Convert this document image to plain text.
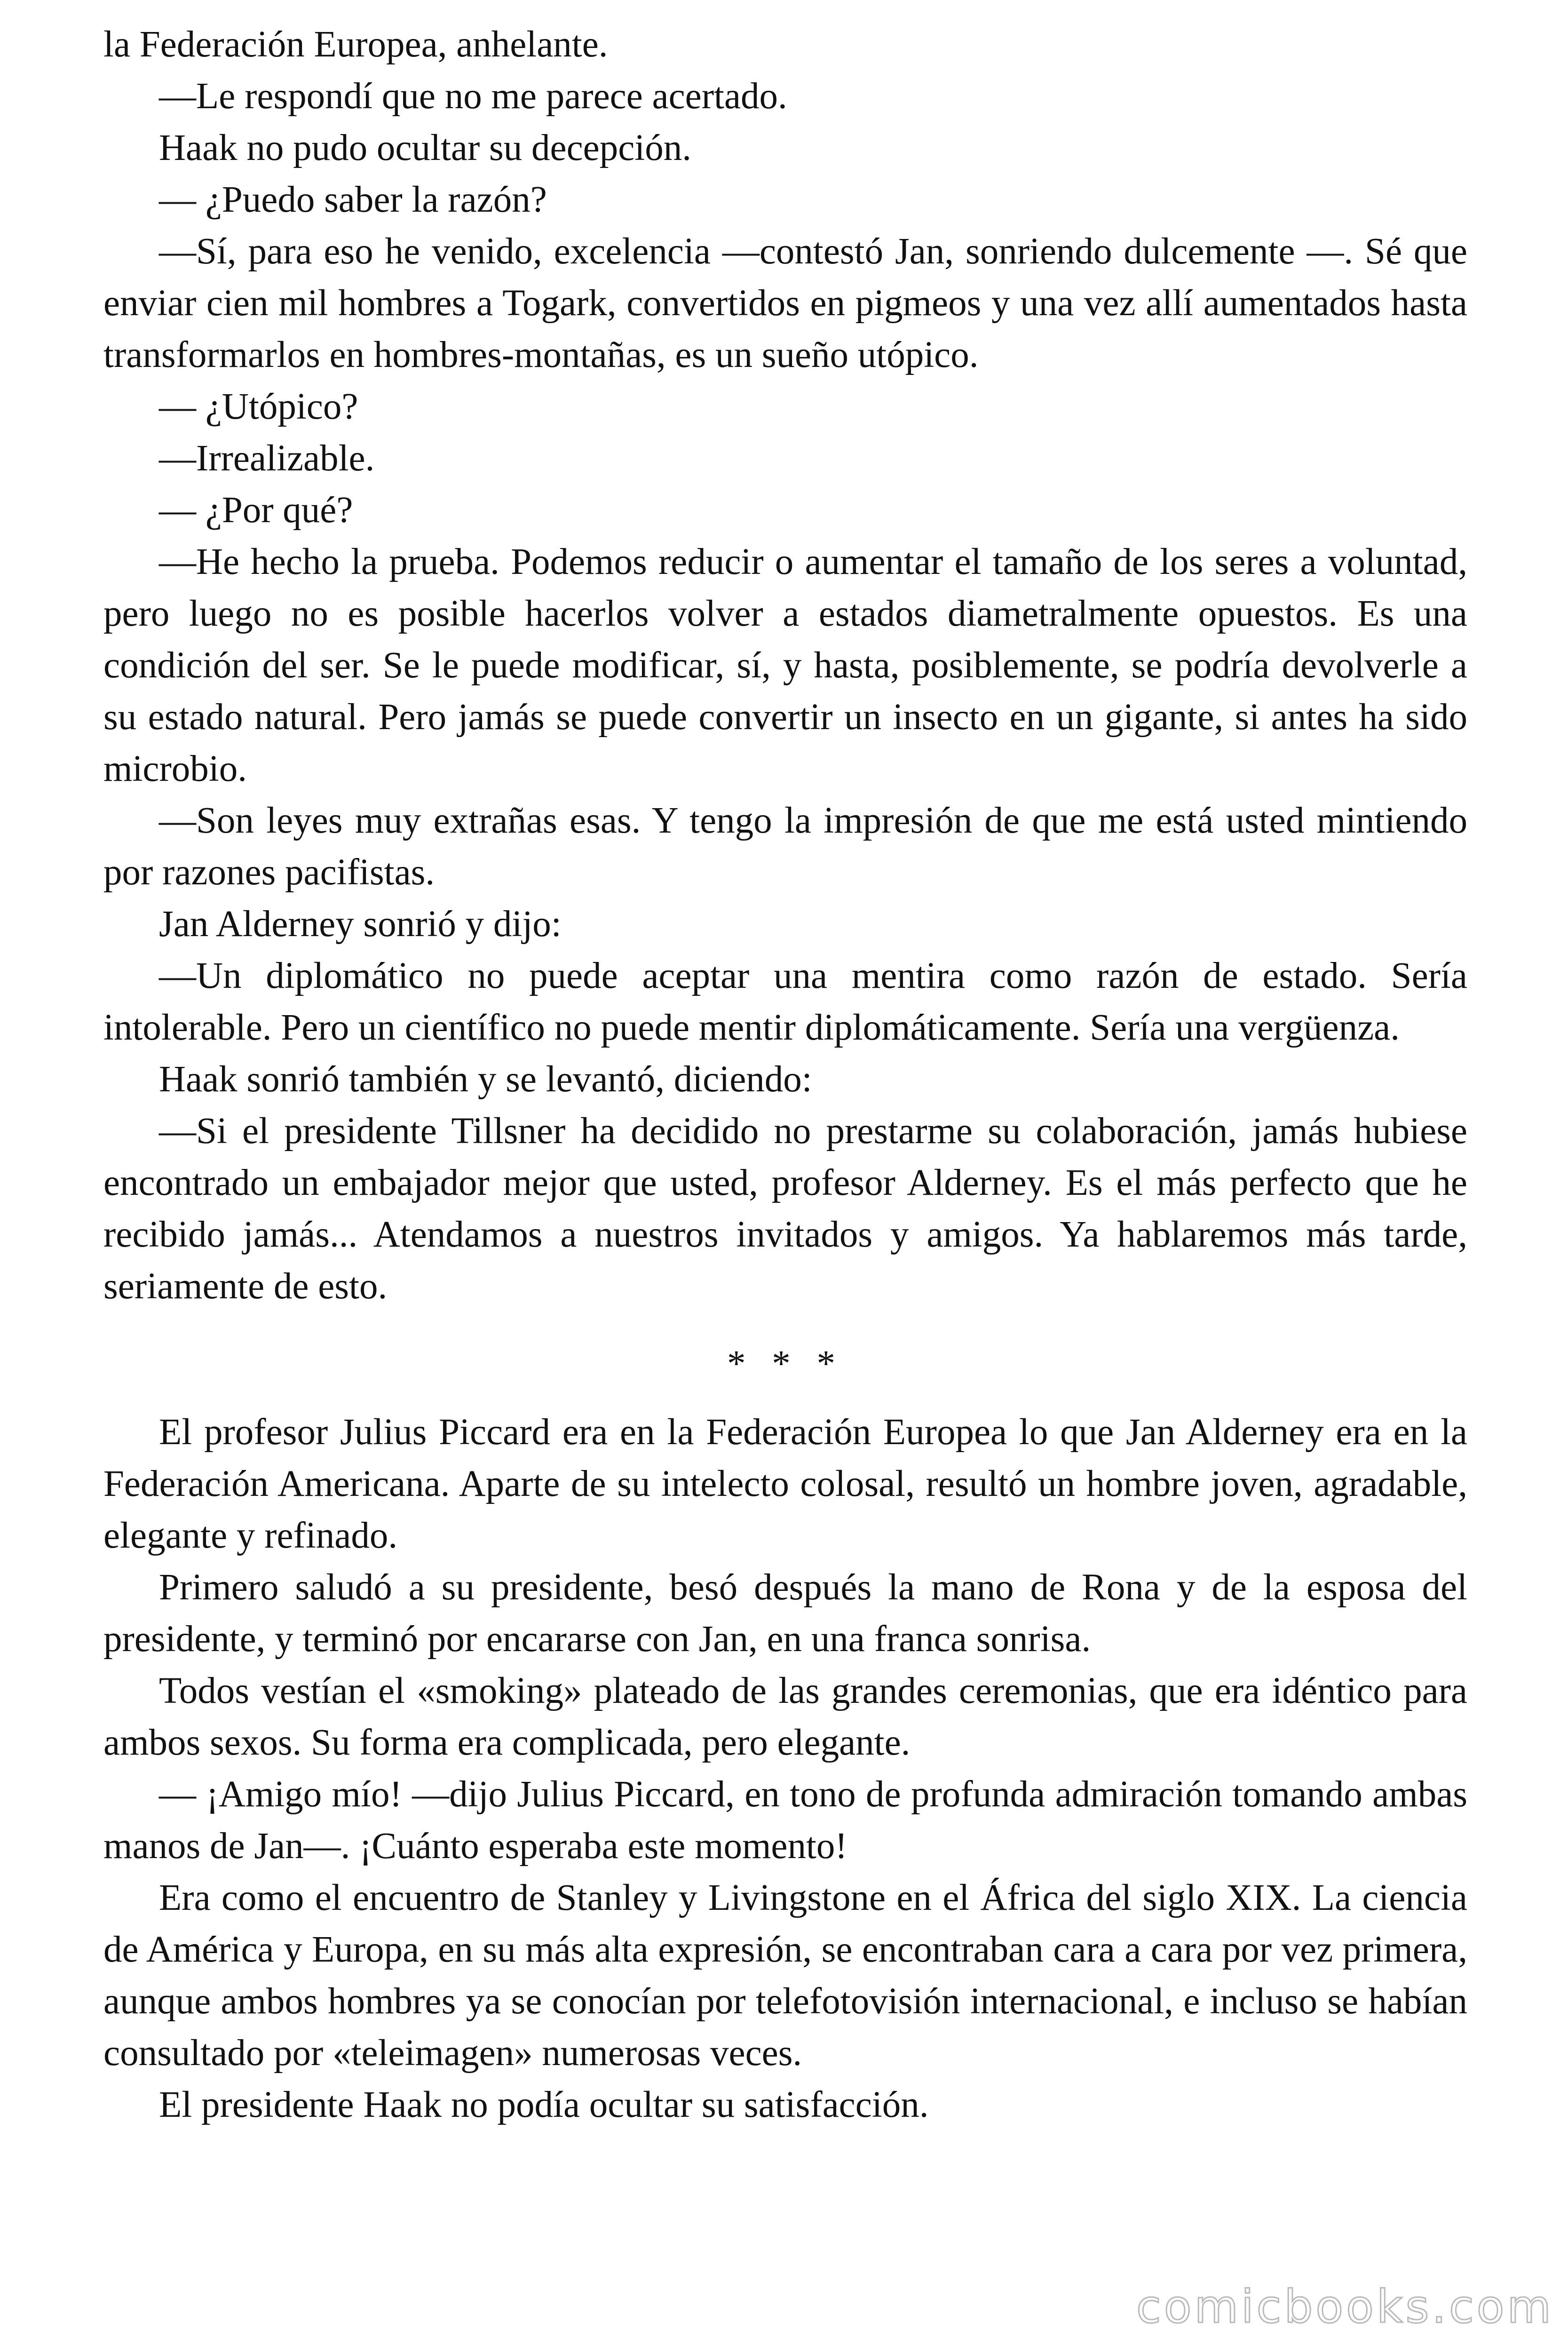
la Federación Europea, anhelante.

—Le respondí que no me parece acertado.

Haak no pudo ocultar su decepción.

— ¿Puedo saber la razón?

—Sí, para eso he venido, excelencia —contestó Jan, sonriendo dulcemente —. Sé que enviar cien mil hombres a Togark, convertidos en pigmeos y una vez allí aumentados hasta transformarlos en hombres-montañas, es un sueño utópico.

— ¿Utópico?

—Irrealizable.

— ¿Por qué?

—He hecho la prueba. Podemos reducir o aumentar el tamaño de los seres a voluntad, pero luego no es posible hacerlos volver a estados diametralmente opuestos. Es una condición del ser. Se le puede modificar, sí, y hasta, posiblemente, se podría devolverle a su estado natural. Pero jamás se puede convertir un insecto en un gigante, si antes ha sido microbio.

—Son leyes muy extrañas esas. Y tengo la impresión de que me está usted mintiendo por razones pacifistas.

Jan Alderney sonrió y dijo:

—Un diplomático no puede aceptar una mentira como razón de estado. Sería intolerable. Pero un científico no puede mentir diplomáticamente. Sería una vergüenza.

Haak sonrió también y se levantó, diciendo:

—Si el presidente Tillsner ha decidido no prestarme su colaboración, jamás hubiese encontrado un embajador mejor que usted, profesor Alderney. Es el más perfecto que he recibido jamás... Atendamos a nuestros invitados y amigos. Ya hablaremos más tarde, seriamente de esto.

* * *

El profesor Julius Piccard era en la Federación Europea lo que Jan Alderney era en la Federación Americana. Aparte de su intelecto colosal, resultó un hombre joven, agradable, elegante y refinado.

Primero saludó a su presidente, besó después la mano de Rona y de la esposa del presidente, y terminó por encararse con Jan, en una franca sonrisa.

Todos vestían el «smoking» plateado de las grandes ceremonias, que era idéntico para ambos sexos. Su forma era complicada, pero elegante.

— ¡Amigo mío! —dijo Julius Piccard, en tono de profunda admiración tomando ambas manos de Jan—. ¡Cuánto esperaba este momento!

Era como el encuentro de Stanley y Livingstone en el África del siglo XIX. La ciencia de América y Europa, en su más alta expresión, se encontraban cara a cara por vez primera, aunque ambos hombres ya se conocían por telefotovisión internacional, e incluso se habían consultado por «teleimagen» numerosas veces.

El presidente Haak no podía ocultar su satisfacción.

comicbooks.com
